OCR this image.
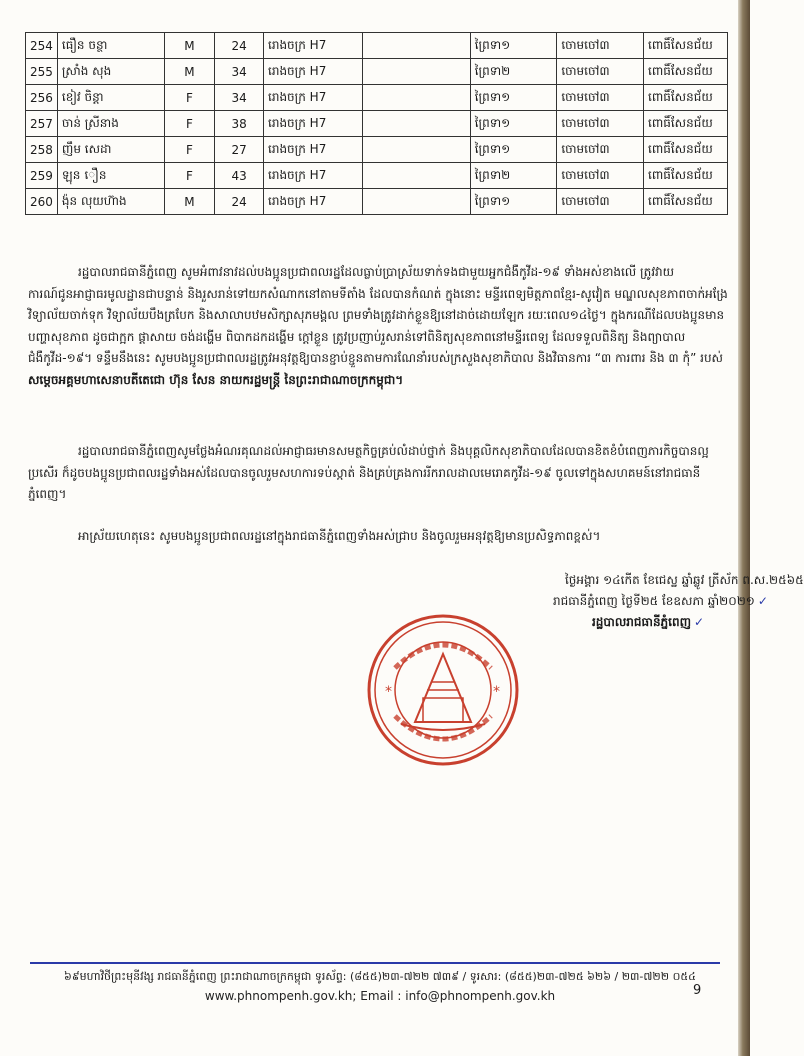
254	ធឿន ចន្ថា	M	24	រោងចក្រ H7		ព្រៃទា១	ចោមចៅ៣	ពោធិ៍សែនជ័យ
255	ស្រាំង សុង	M	34	រោងចក្រ H7		ព្រៃទា២	ចោមចៅ៣	ពោធិ៍សែនជ័យ
256	ខៀវ ចិន្តា	F	34	រោងចក្រ H7		ព្រៃទា១	ចោមចៅ៣	ពោធិ៍សែនជ័យ
257	ចាន់ ស្រីនាង	F	38	រោងចក្រ H7		ព្រៃទា១	ចោមចៅ៣	ពោធិ៍សែនជ័យ
258	ញឹម សេដា	F	27	រោងចក្រ H7		ព្រៃទា១	ចោមចៅ៣	ពោធិ៍សែនជ័យ
259	ឡុន ឿន	F	43	រោងចក្រ H7		ព្រៃទា២	ចោមចៅ៣	ពោធិ៍សែនជ័យ
260	ង៉ុន លុយហ៊ាង	M	24	រោងចក្រ H7		ព្រៃទា១	ចោមចៅ៣	ពោធិ៍សែនជ័យ

រដ្ឋបាលរាជធានីភ្នំពេញ សូមអំពាវនាវដល់បងប្អូនប្រជាពលរដ្ឋដែលធ្លាប់ប្រាស្រ័យទាក់ទងជាមួយអ្នកជំងឺកូវីដ-១៩ ទាំងអស់ខាងលើ ត្រូវវាយការណ៍ជូនអាជ្ញាធរមូលដ្ឋានជាបន្ទាន់ និងរួសរាន់ទៅយកសំណាកនៅតាមទីតាំង ដែលបានកំណត់ ក្នុងនោះ មន្ទីរពេទ្យមិត្តភាពខ្មែរ-សូវៀត មណ្ឌលសុខភាពចាក់អង្រែ វិទ្យាល័យចាក់ទុក វិទ្យាល័យបឹងត្របែក និងសាលាបឋមសិក្សាសុភមង្គល ព្រមទាំងត្រូវដាក់ខ្លួនឱ្យនៅដាច់ដោយឡែក រយៈពេល១៤ថ្ងៃ។ ក្នុងករណីដែលបងប្អូនមានបញ្ហាសុខភាព ដូចជាក្អក ផ្តាសាយ ចង់ដង្ហើម ពិបាកដកដង្ហើម ក្តៅខ្លួន ត្រូវប្រញាប់រួសរាន់ទៅពិនិត្យសុខភាពនៅមន្ទីរពេទ្យ ដែលទទួលពិនិត្យ និងព្យាបាលជំងឺកូវីដ-១៩។ ទន្ទឹមនឹងនេះ សូមបងប្អូនប្រជាពលរដ្ឋត្រូវអនុវត្តឱ្យបានខ្ជាប់ខ្ជួនតាមការណែនាំរបស់ក្រសួងសុខាភិបាល និងវិធានការ “៣ ការពារ និង ៣ កុំ” របស់ សម្តេចអគ្គមហាសេនាបតីតេជោ ហ៊ុន សែន នាយករដ្ឋមន្ត្រី នៃព្រះរាជាណាចក្រកម្ពុជា។

រដ្ឋបាលរាជធានីភ្នំពេញសូមថ្លែងអំណរគុណដល់អាជ្ញាធរមានសមត្ថកិច្ចគ្រប់លំដាប់ថ្នាក់ និងបុគ្គលិកសុខាភិបាលដែលបានខិតខំបំពេញភារកិច្ចបានល្អប្រសើរ ក៏ដូចបងប្អូនប្រជាពលរដ្ឋទាំងអស់ដែលបានចូលរួមសហការទប់ស្កាត់ និងគ្រប់គ្រងការរីករាលដាលមេរោគកូវីដ-១៩ ចូលទៅក្នុងសហគមន៍នៅរាជធានីភ្នំពេញ។

អាស្រ័យហេតុនេះ សូមបងប្អូនប្រជាពលរដ្ឋនៅក្នុងរាជធានីភ្នំពេញទាំងអស់ជ្រាប និងចូលរួមអនុវត្តឱ្យមានប្រសិទ្ធភាពខ្ពស់។

ថ្ងៃអង្គារ ១៤កើត ខែជេស្ឋ ឆ្នាំឆ្លូវ ត្រីស័ក ព.ស.២៥៦៥
រាជធានីភ្នំពេញ ថ្ងៃទី២៥ ខែឧសភា ឆ្នាំ២០២១ ✓
រដ្ឋបាលរាជធានីភ្នំពេញ ✓
*	*
៦៩មហាវិថីព្រះមុនីវង្ស រាជធានីភ្នំពេញ ព្រះរាជាណាចក្រកម្ពុជា ទូរស័ព្ទ: (៨៥៥)២៣-៧២២ ៧៣៩ / ទូរសារ: (៨៥៥)២៣-៧២៥ ៦២៦ / ២៣-៧២២ ០៥៤
www.phnompenh.gov.kh; Email : info@phnompenh.gov.kh	9
